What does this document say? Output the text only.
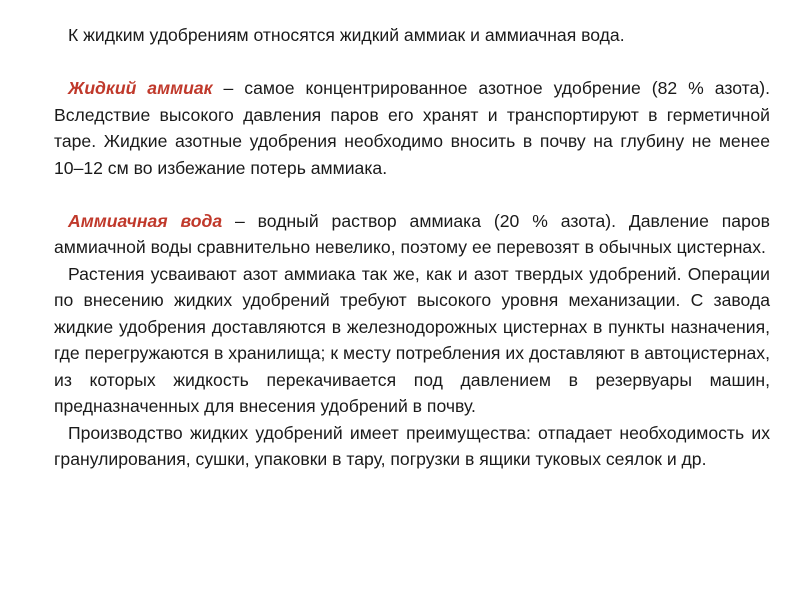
К жидким удобрениям относятся жидкий аммиак и аммиачная вода.

Жидкий аммиак – самое концентрированное азотное удобрение (82 % азота). Вследствие высокого давления паров его хранят и транспортируют в герметичной таре. Жидкие азотные удобрения необходимо вносить в почву на глубину не менее 10–12 см во избежание потерь аммиака.

Аммиачная вода – водный раствор аммиака (20 % азота). Давление паров аммиачной воды сравнительно невелико, поэтому ее перевозят в обычных цистернах.

Растения усваивают азот аммиака так же, как и азот твердых удобрений. Операции по внесению жидких удобрений требуют высокого уровня механизации. С завода жидкие удобрения доставляются в железнодорожных цистернах в пункты назначения, где перегружаются в хранилища; к месту потребления их доставляют в автоцистернах, из которых жидкость перекачивается под давлением в резервуары машин, предназначенных для внесения удобрений в почву.

Производство жидких удобрений имеет преимущества: отпадает необходимость их гранулирования, сушки, упаковки в тару, погрузки в ящики туковых сеялок и др.
